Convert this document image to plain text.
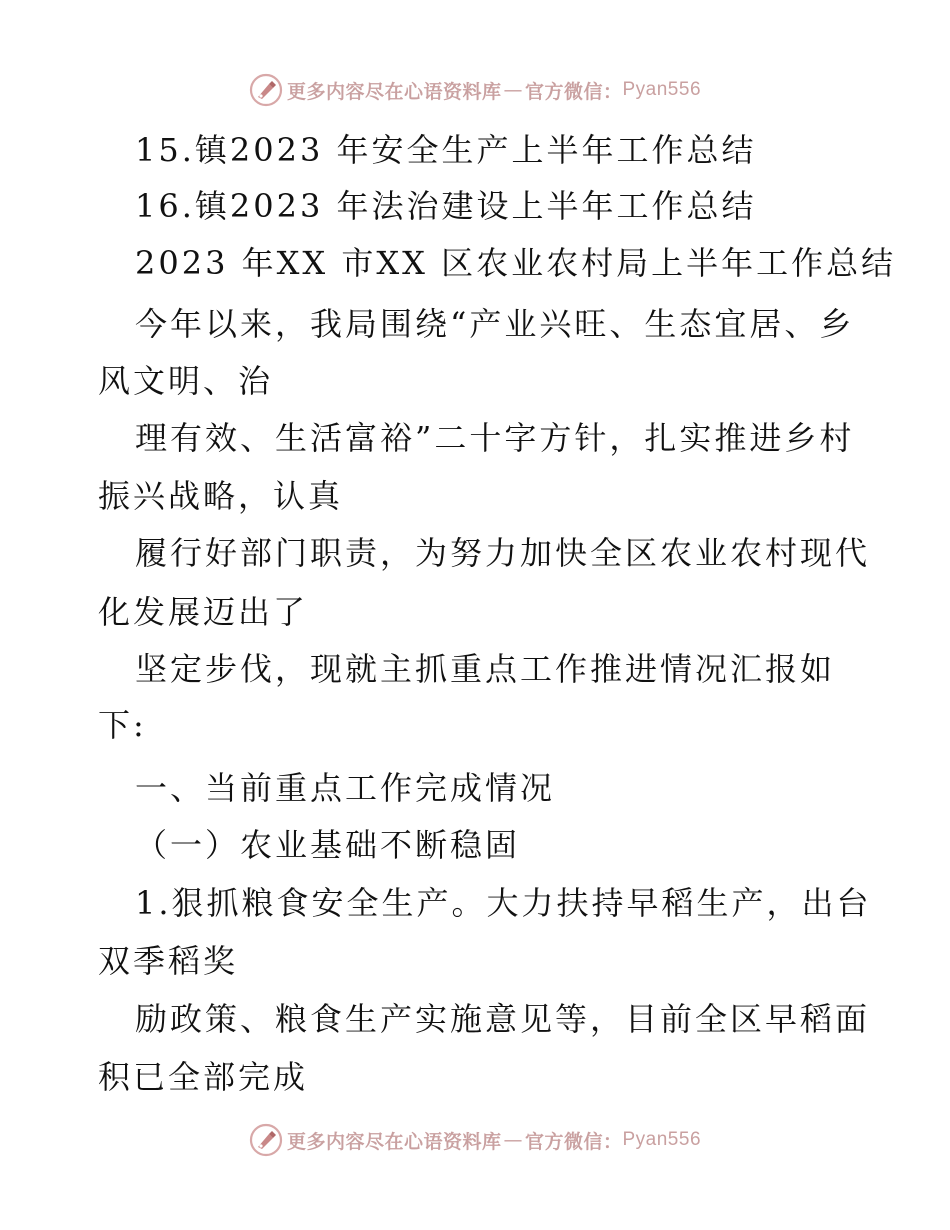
更多内容尽在心语资料库 — 官方微信： Pyan556
15.镇2023 年安全生产上半年工作总结
16.镇2023 年法治建设上半年工作总结
2023 年XX 市XX 区农业农村局上半年工作总结
今年以来，我局围绕“产业兴旺、生态宜居、乡
风文明、治
理有效、生活富裕”二十字方针，扎实推进乡村
振兴战略，认真
履行好部门职责，为努力加快全区农业农村现代
化发展迈出了
坚定步伐，现就主抓重点工作推进情况汇报如
下:
一、当前重点工作完成情况
（一）农业基础不断稳固
1.狠抓粮食安全生产。大力扶持早稻生产，出台
双季稻奖
励政策、粮食生产实施意见等，目前全区早稻面
积已全部完成
更多内容尽在心语资料库 — 官方微信： Pyan556
